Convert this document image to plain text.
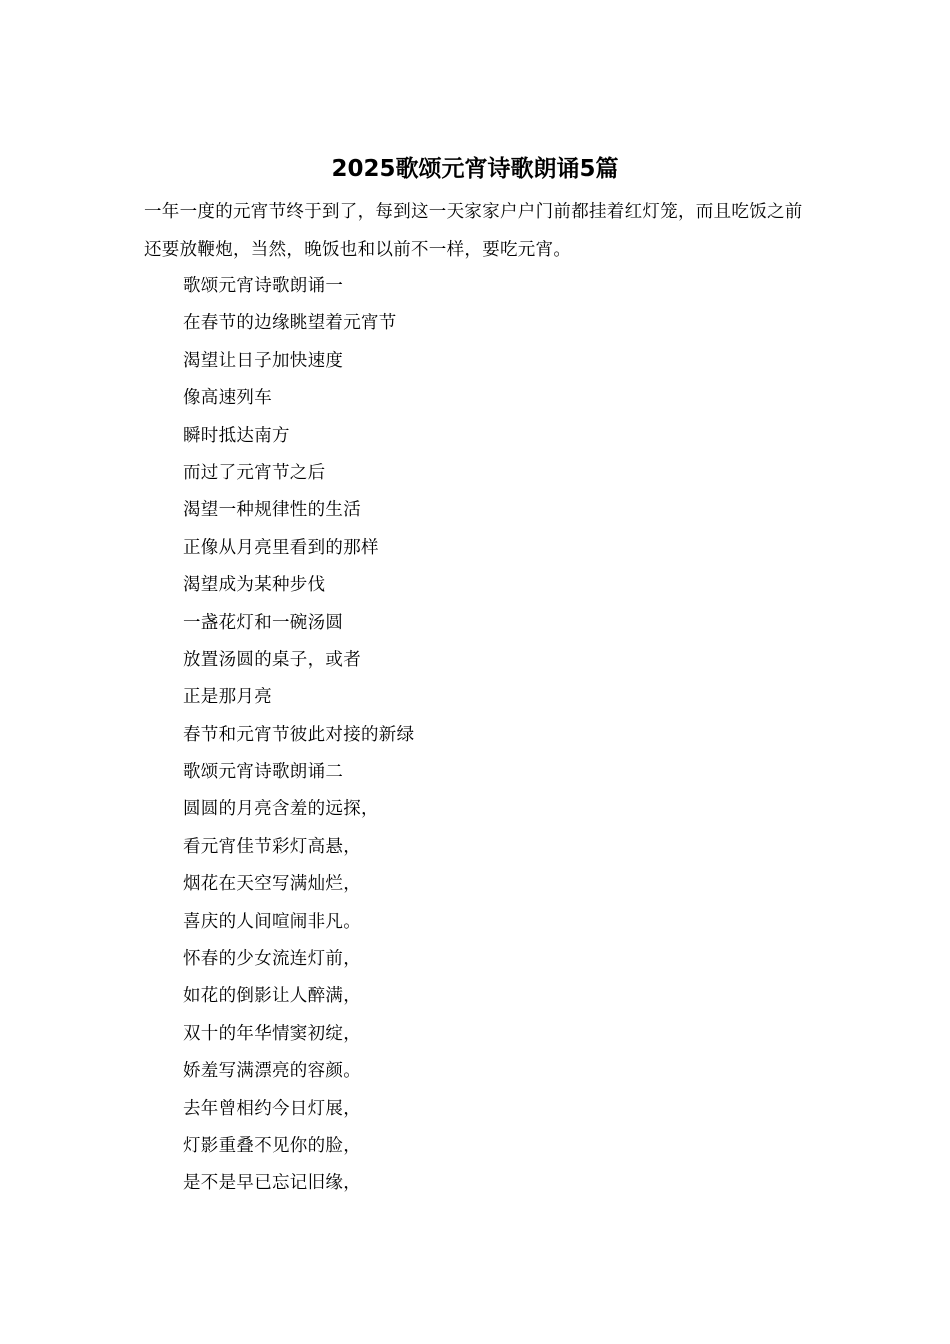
2025歌颂元宵诗歌朗诵5篇

一年一度的元宵节终于到了，每到这一天家家户户门前都挂着红灯笼，而且吃饭之前还要放鞭炮，当然，晚饭也和以前不一样，要吃元宵。

歌颂元宵诗歌朗诵一
在春节的边缘眺望着元宵节
渴望让日子加快速度
像高速列车
瞬时抵达南方
而过了元宵节之后
渴望一种规律性的生活
正像从月亮里看到的那样
渴望成为某种步伐
一盏花灯和一碗汤圆
放置汤圆的桌子，或者
正是那月亮
春节和元宵节彼此对接的新绿
歌颂元宵诗歌朗诵二
圆圆的月亮含羞的远探，
看元宵佳节彩灯高悬，
烟花在天空写满灿烂，
喜庆的人间喧闹非凡。
怀春的少女流连灯前，
如花的倒影让人醉满，
双十的年华情窦初绽，
娇羞写满漂亮的容颜。
去年曾相约今日灯展，
灯影重叠不见你的脸，
是不是早已忘记旧缘，
